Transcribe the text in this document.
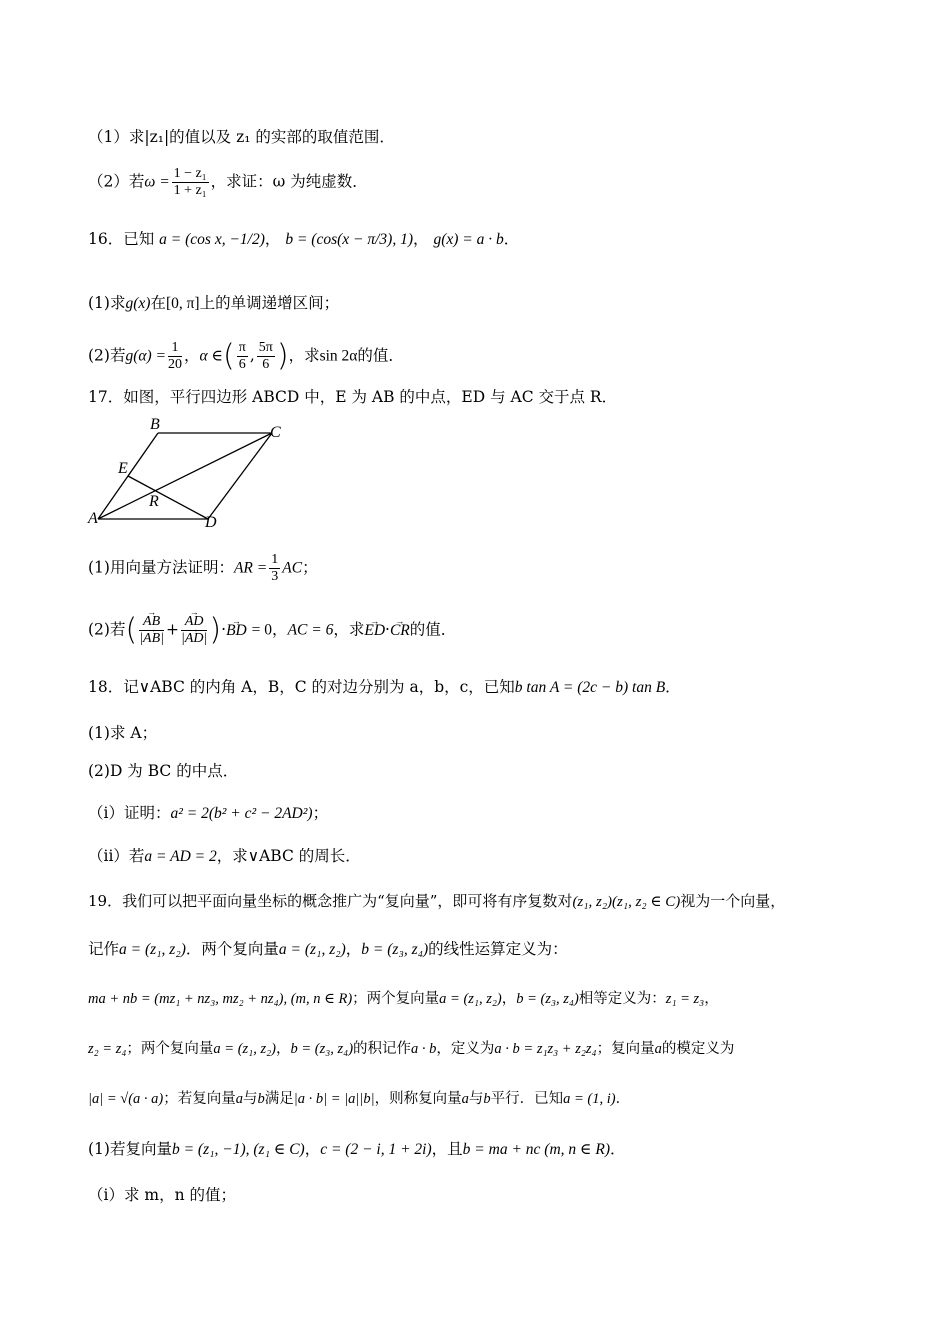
（1）求|z₁|的值以及 z₁ 的实部的取值范围．
（2）若$\omega = \frac{\text{1 − z₁}}{\text{1 + z₁}}$ ，求证：ω 为纯虚数．
16．已知 a = (cos x, −1/2)， b = (cos(x − π/3), 1)， g(x) = a · b．
(1)求g(x)在[0, π]上的单调递增区间；
(2)若$g(\alpha) = \frac{1}{20}$ ，α ∈( $\frac{\pi}{6}$ , $\frac{5\pi}{6}$ )，求sin 2α的值．
17．如图，平行四边形 ABCD 中，E 为 AB 的中点，ED 与 AC 交于点 R．
B	C
E
R
A	D
(1)用向量方法证明：AR = $\frac{1}{3}$ AC；
(2)若( → $\frac{AB}{|\to AB|}$ + → $\frac{AD}{|\to AD|}$ )·→ BD = 0，AC = 6，求→ ED·→ CR的值．
18．记∨ABC 的内角 A，B，C 的对边分别为 a，b，c，已知b tan A = (2c − b) tan B．
(1)求 A；
(2)D 为 BC 的中点．
（i）证明：a² = 2(b² + c² − 2AD²)；
（ii）若a = AD = 2，求∨ABC 的周长．
19．我们可以把平面向量坐标的概念推广为“复向量”，即可将有序复数对(z₁, z₂)(z₁, z₂ ∈ C)视为一个向量，
记作a = (z₁, z₂)．两个复向量a = (z₁, z₂)，b = (z₃, z₄)的线性运算定义为：
ma + nb = (mz₁ + nz₃, mz₂ + nz₄), (m, n ∈ R)；两个复向量a = (z₁, z₂)，b = (z₃, z₄)相等定义为：z₁ = z₃，
z₂ = z₄；两个复向量a = (z₁, z₂)，b = (z₃, z₄)的积记作a · b，定义为a · b = z₁z₃ + z₂z₄；复向量a的模定义为
|a| = √(a · a)；若复向量a与b满足|a · b| = |a||b|，则称复向量a与b平行．已知a = (1, i)．
(1)若复向量b = (z₁, −1), (z₁ ∈ C)，c = (2 − i, 1 + 2i)，且b = ma + nc (m, n ∈ R)．
（i）求 m，n 的值；
